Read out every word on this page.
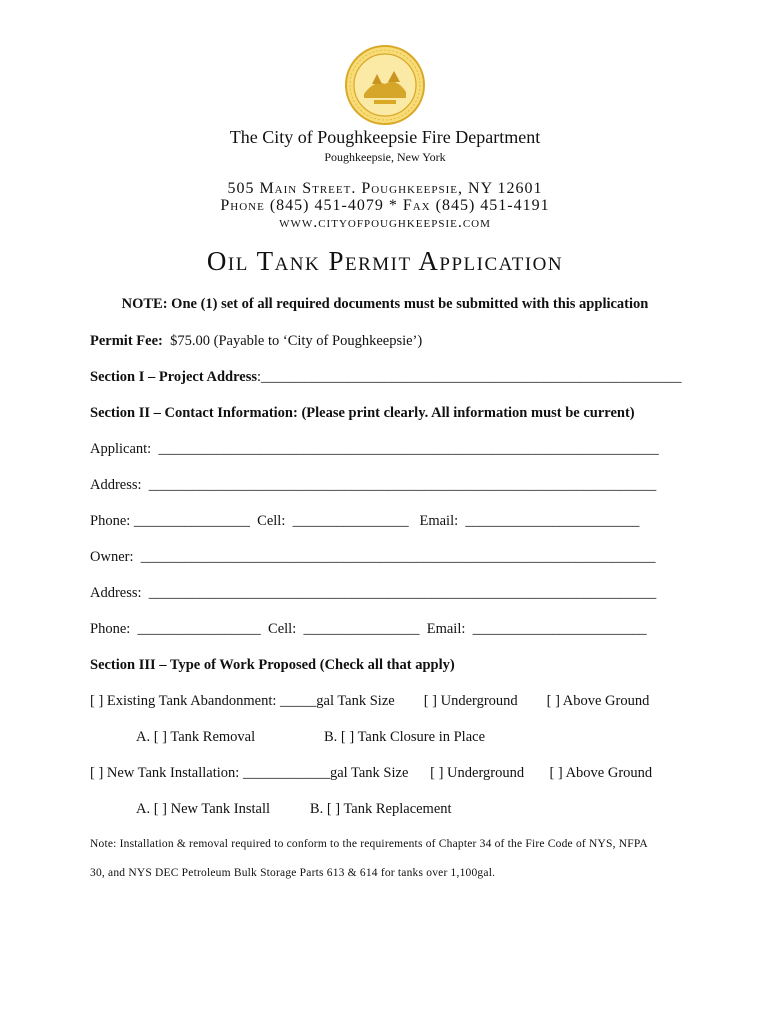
The City of Poughkeepsie Fire Department
Poughkeepsie, New York
505 Main Street. Poughkeepsie, NY 12601
Phone (845) 451-4079 * Fax (845) 451-4191
www.cityofpoughkeepsie.com
Oil Tank Permit Application
NOTE: One (1) set of all required documents must be submitted with this application
Permit Fee:  $75.00 (Payable to ‘City of Poughkeepsie’)
Section I – Project Address:__________________________________________________________
Section II – Contact Information: (Please print clearly. All information must be current)
Applicant:  _____________________________________________________________________
Address:  ______________________________________________________________________
Phone: ________________  Cell:  ________________   Email:  ________________________
Owner:  _______________________________________________________________________
Address:  ______________________________________________________________________
Phone:  _________________  Cell:  ________________  Email:  ________________________
Section III – Type of Work Proposed (Check all that apply)
[ ] Existing Tank Abandonment: _____gal Tank Size        [ ] Underground        [ ] Above Ground
A. [ ] Tank Removal                   B. [ ] Tank Closure in Place
[ ] New Tank Installation: ____________gal Tank Size      [ ] Underground       [ ] Above Ground
A. [ ] New Tank Install           B. [ ] Tank Replacement
Note: Installation & removal required to conform to the requirements of Chapter 34 of the Fire Code of NYS, NFPA
30, and NYS DEC Petroleum Bulk Storage Parts 613 & 614 for tanks over 1,100gal.
